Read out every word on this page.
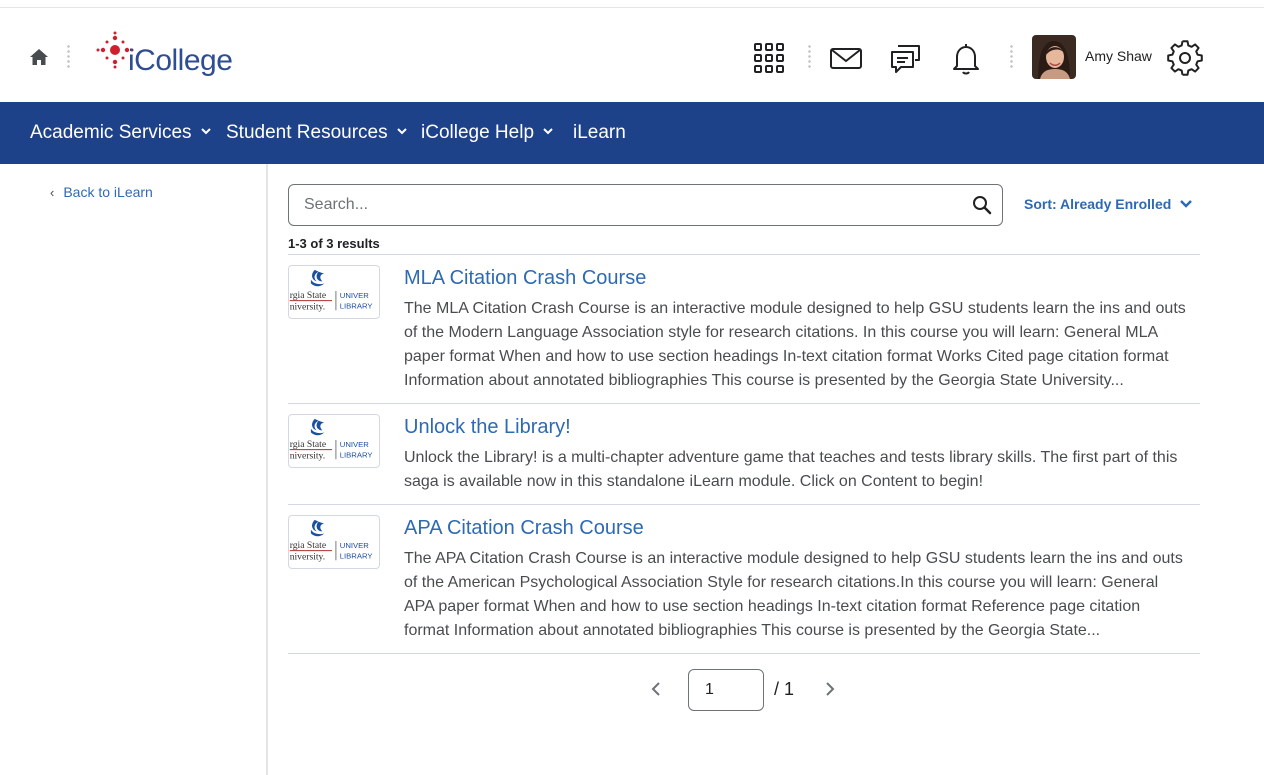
iCollege	Amy Shaw
Academic Services	Student Resources	iCollege Help	iLearn
‹ Back to iLearn
Search...
Sort: Already Enrolled
1-3 of 3 results
rgia State
niversity.
UNIVER
LIBRARY
MLA Citation Crash Course
The MLA Citation Crash Course is an interactive module designed to help GSU students learn the ins and outs of the Modern Language Association style for research citations. In this course you will learn: General MLA paper format When and how to use section headings In-text citation format Works Cited page citation format Information about annotated bibliographies This course is presented by the Georgia State University...
rgia State
niversity.
UNIVER
LIBRARY
Unlock the Library!
Unlock the Library! is a multi-chapter adventure game that teaches and tests library skills. The first part of this saga is available now in this standalone iLearn module. Click on Content to begin!
rgia State
niversity.
UNIVER
LIBRARY
APA Citation Crash Course
The APA Citation Crash Course is an interactive module designed to help GSU students learn the ins and outs of the American Psychological Association Style for research citations.In this course you will learn: General APA paper format When and how to use section headings In-text citation format Reference page citation format Information about annotated bibliographies This course is presented by the Georgia State...
1
/ 1
